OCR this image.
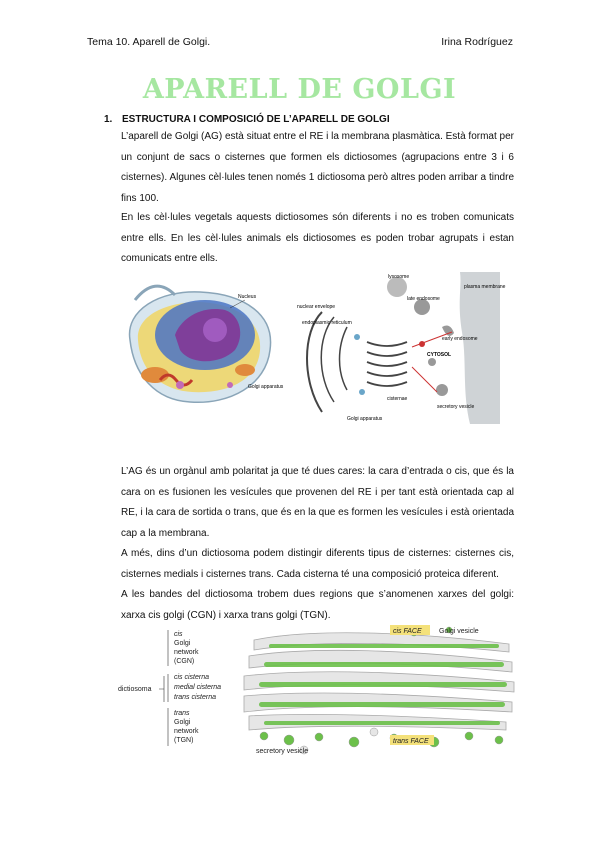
Tema 10. Aparell de Golgi.	Irina Rodríguez
APARELL DE GOLGI
1. ESTRUCTURA I COMPOSICIÓ DE L’APARELL DE GOLGI
L’aparell de Golgi (AG) està situat entre el RE i la membrana plasmàtica. Està format per un conjunt de sacs o cisternes que formen els dictiosomes (agrupacions entre 3 i 6 cisternes). Algunes cèl·lules tenen només 1 dictiosoma però altres poden arribar a tindre fins 100.
En les cèl·lules vegetals aquests dictiosomes són diferents i no es troben comunicats entre ells. En les cèl·lules animals els dictiosomes es poden trobar agrupats i estan comunicats entre ells.
Nucleus
Golgi apparatus
lysosome
late endosome
plasma membrane
nuclear envelope
endoplasmic reticulum
early endosome
CYTOSOL
cisternae
secretory vesicle
Golgi apparatus
L’AG és un orgànul amb polaritat ja que té dues cares: la cara d’entrada o cis, que és la cara on es fusionen les vesícules que provenen del RE i per tant està orientada cap al RE, i la cara de sortida o trans, que és en la que es formen les vesícules i està orientada cap a la membrana.
A més, dins d’un dictiosoma podem distingir diferents tipus de cisternes: cisternes cis, cisternes medials i cisternes trans. Cada cisterna té una composició proteica diferent.
A les bandes del dictiosoma trobem dues regions que s’anomenen xarxes del golgi: xarxa cis golgi (CGN) i xarxa trans golgi (TGN).
cis
Golgi
network
(CGN)
cis cisterna
medial cisterna
trans cisterna
trans
Golgi
network
(TGN)
dictiosoma
cis FACE Golgi vesicle
secretory vesicle
trans FACE
